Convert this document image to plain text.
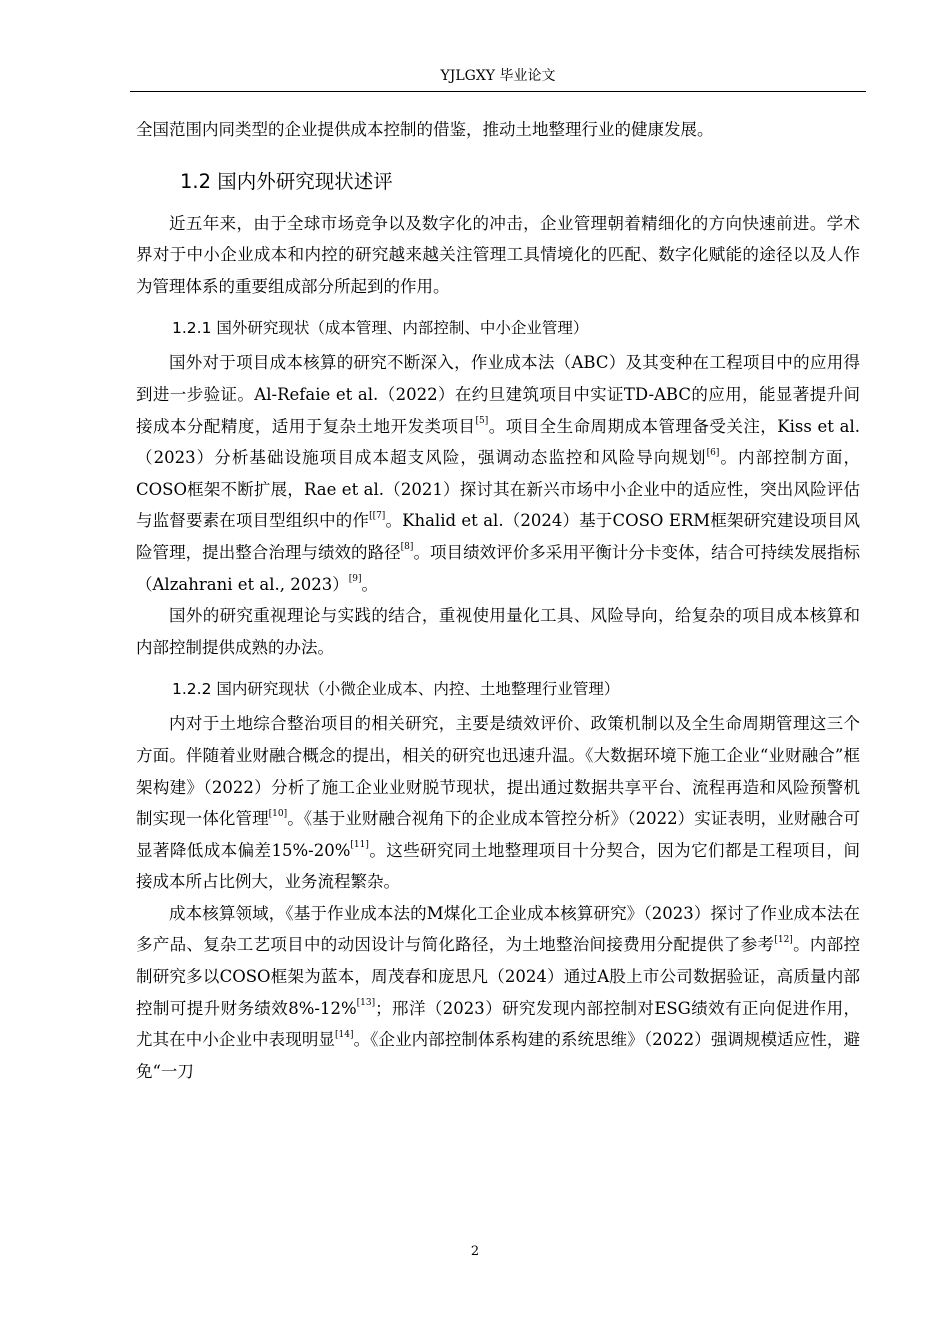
YJLGXY 毕业论文

全国范围内同类型的企业提供成本控制的借鉴，推动土地整理行业的健康发展。

1.2 国内外研究现状述评

近五年来，由于全球市场竞争以及数字化的冲击，企业管理朝着精细化的方向快速前进。学术界对于中小企业成本和内控的研究越来越关注管理工具情境化的匹配、数字化赋能的途径以及人作为管理体系的重要组成部分所起到的作用。

1.2.1 国外研究现状（成本管理、内部控制、中小企业管理）

国外对于项目成本核算的研究不断深入，作业成本法（ABC）及其变种在工程项目中的应用得到进一步验证。Al-Refaie et al.（2022）在约旦建筑项目中实证TD-ABC的应用，能显著提升间接成本分配精度，适用于复杂土地开发类项目[5]。项目全生命周期成本管理备受关注，Kiss et al.（2023）分析基础设施项目成本超支风险，强调动态监控和风险导向规划[6]。内部控制方面，COSO框架不断扩展，Rae et al.（2021）探讨其在新兴市场中小企业中的适应性，突出风险评估与监督要素在项目型组织中的作[[7]。Khalid et al.（2024）基于COSO ERM框架研究建设项目风险管理，提出整合治理与绩效的路径[8]。项目绩效评价多采用平衡计分卡变体，结合可持续发展指标（Alzahrani et al., 2023）[9]。

国外的研究重视理论与实践的结合，重视使用量化工具、风险导向，给复杂的项目成本核算和内部控制提供成熟的办法。

1.2.2 国内研究现状（小微企业成本、内控、土地整理行业管理）

内对于土地综合整治项目的相关研究，主要是绩效评价、政策机制以及全生命周期管理这三个方面。伴随着业财融合概念的提出，相关的研究也迅速升温。《大数据环境下施工企业“业财融合”框架构建》（2022）分析了施工企业业财脱节现状，提出通过数据共享平台、流程再造和风险预警机制实现一体化管理[10]。《基于业财融合视角下的企业成本管控分析》（2022）实证表明，业财融合可显著降低成本偏差15%-20%[11]。这些研究同土地整理项目十分契合，因为它们都是工程项目，间接成本所占比例大，业务流程繁杂。

成本核算领域，《基于作业成本法的M煤化工企业成本核算研究》（2023）探讨了作业成本法在多产品、复杂工艺项目中的动因设计与简化路径，为土地整治间接费用分配提供了参考[12]。内部控制研究多以COSO框架为蓝本，周茂春和庞思凡（2024）通过A股上市公司数据验证，高质量内部控制可提升财务绩效8%-12%[13]；邢洋（2023）研究发现内部控制对ESG绩效有正向促进作用，尤其在中小企业中表现明显[14]。《企业内部控制体系构建的系统思维》（2022）强调规模适应性，避免“一刀

2
